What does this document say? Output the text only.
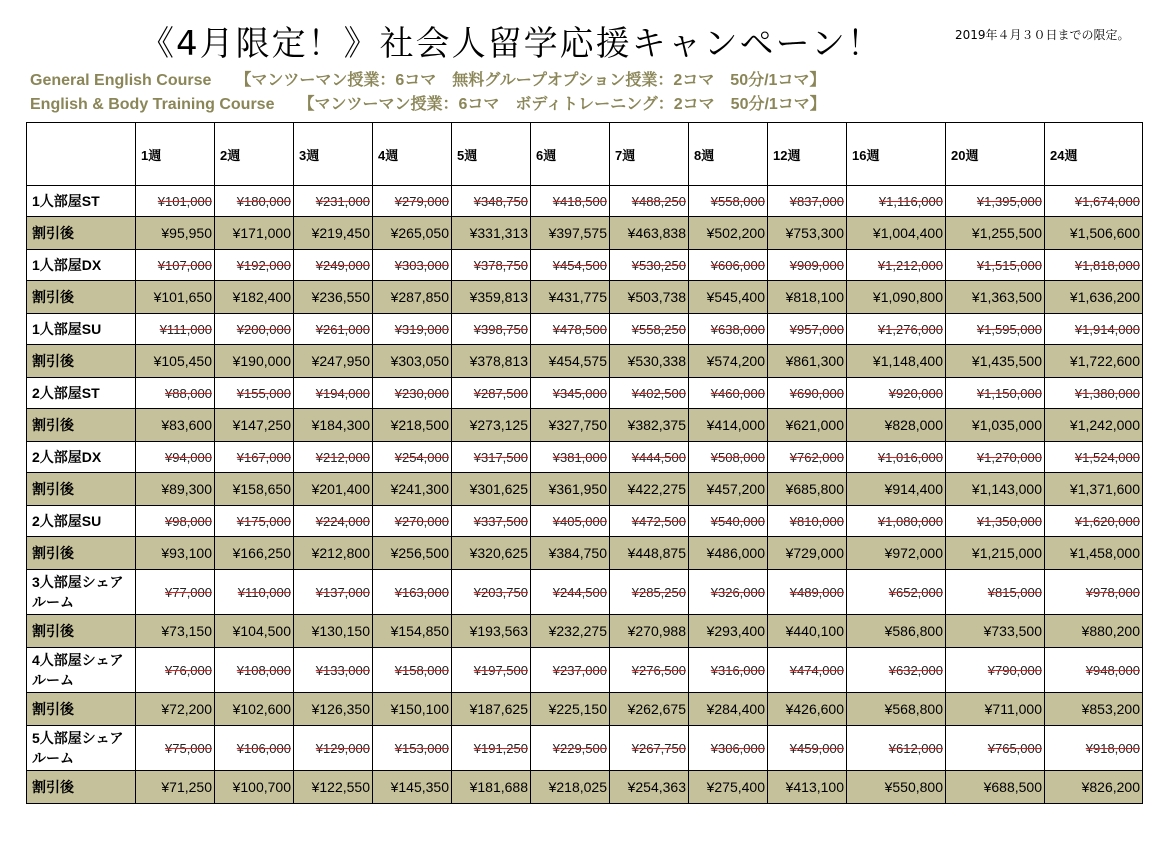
《4月限定！》社会人留学応援キャンペーン！	2019年４月３０日までの限定。
General English Course 【マンツーマン授業：6コマ　無料グループオプション授業：2コマ　50分/1コマ】
English & Body Training Course 【マンツーマン授業：6コマ　ボディトレーニング：2コマ　50分/1コマ】
	1週	2週	3週	4週	5週	6週	7週	8週	12週	16週	20週	24週
1人部屋ST	¥101,000	¥180,000	¥231,000	¥279,000	¥348,750	¥418,500	¥488,250	¥558,000	¥837,000	¥1,116,000	¥1,395,000	¥1,674,000
割引後	¥95,950	¥171,000	¥219,450	¥265,050	¥331,313	¥397,575	¥463,838	¥502,200	¥753,300	¥1,004,400	¥1,255,500	¥1,506,600
1人部屋DX	¥107,000	¥192,000	¥249,000	¥303,000	¥378,750	¥454,500	¥530,250	¥606,000	¥909,000	¥1,212,000	¥1,515,000	¥1,818,000
割引後	¥101,650	¥182,400	¥236,550	¥287,850	¥359,813	¥431,775	¥503,738	¥545,400	¥818,100	¥1,090,800	¥1,363,500	¥1,636,200
1人部屋SU	¥111,000	¥200,000	¥261,000	¥319,000	¥398,750	¥478,500	¥558,250	¥638,000	¥957,000	¥1,276,000	¥1,595,000	¥1,914,000
割引後	¥105,450	¥190,000	¥247,950	¥303,050	¥378,813	¥454,575	¥530,338	¥574,200	¥861,300	¥1,148,400	¥1,435,500	¥1,722,600
2人部屋ST	¥88,000	¥155,000	¥194,000	¥230,000	¥287,500	¥345,000	¥402,500	¥460,000	¥690,000	¥920,000	¥1,150,000	¥1,380,000
割引後	¥83,600	¥147,250	¥184,300	¥218,500	¥273,125	¥327,750	¥382,375	¥414,000	¥621,000	¥828,000	¥1,035,000	¥1,242,000
2人部屋DX	¥94,000	¥167,000	¥212,000	¥254,000	¥317,500	¥381,000	¥444,500	¥508,000	¥762,000	¥1,016,000	¥1,270,000	¥1,524,000
割引後	¥89,300	¥158,650	¥201,400	¥241,300	¥301,625	¥361,950	¥422,275	¥457,200	¥685,800	¥914,400	¥1,143,000	¥1,371,600
2人部屋SU	¥98,000	¥175,000	¥224,000	¥270,000	¥337,500	¥405,000	¥472,500	¥540,000	¥810,000	¥1,080,000	¥1,350,000	¥1,620,000
割引後	¥93,100	¥166,250	¥212,800	¥256,500	¥320,625	¥384,750	¥448,875	¥486,000	¥729,000	¥972,000	¥1,215,000	¥1,458,000
3人部屋シェアルーム	¥77,000	¥110,000	¥137,000	¥163,000	¥203,750	¥244,500	¥285,250	¥326,000	¥489,000	¥652,000	¥815,000	¥978,000
割引後	¥73,150	¥104,500	¥130,150	¥154,850	¥193,563	¥232,275	¥270,988	¥293,400	¥440,100	¥586,800	¥733,500	¥880,200
4人部屋シェアルーム	¥76,000	¥108,000	¥133,000	¥158,000	¥197,500	¥237,000	¥276,500	¥316,000	¥474,000	¥632,000	¥790,000	¥948,000
割引後	¥72,200	¥102,600	¥126,350	¥150,100	¥187,625	¥225,150	¥262,675	¥284,400	¥426,600	¥568,800	¥711,000	¥853,200
5人部屋シェアルーム	¥75,000	¥106,000	¥129,000	¥153,000	¥191,250	¥229,500	¥267,750	¥306,000	¥459,000	¥612,000	¥765,000	¥918,000
割引後	¥71,250	¥100,700	¥122,550	¥145,350	¥181,688	¥218,025	¥254,363	¥275,400	¥413,100	¥550,800	¥688,500	¥826,200
